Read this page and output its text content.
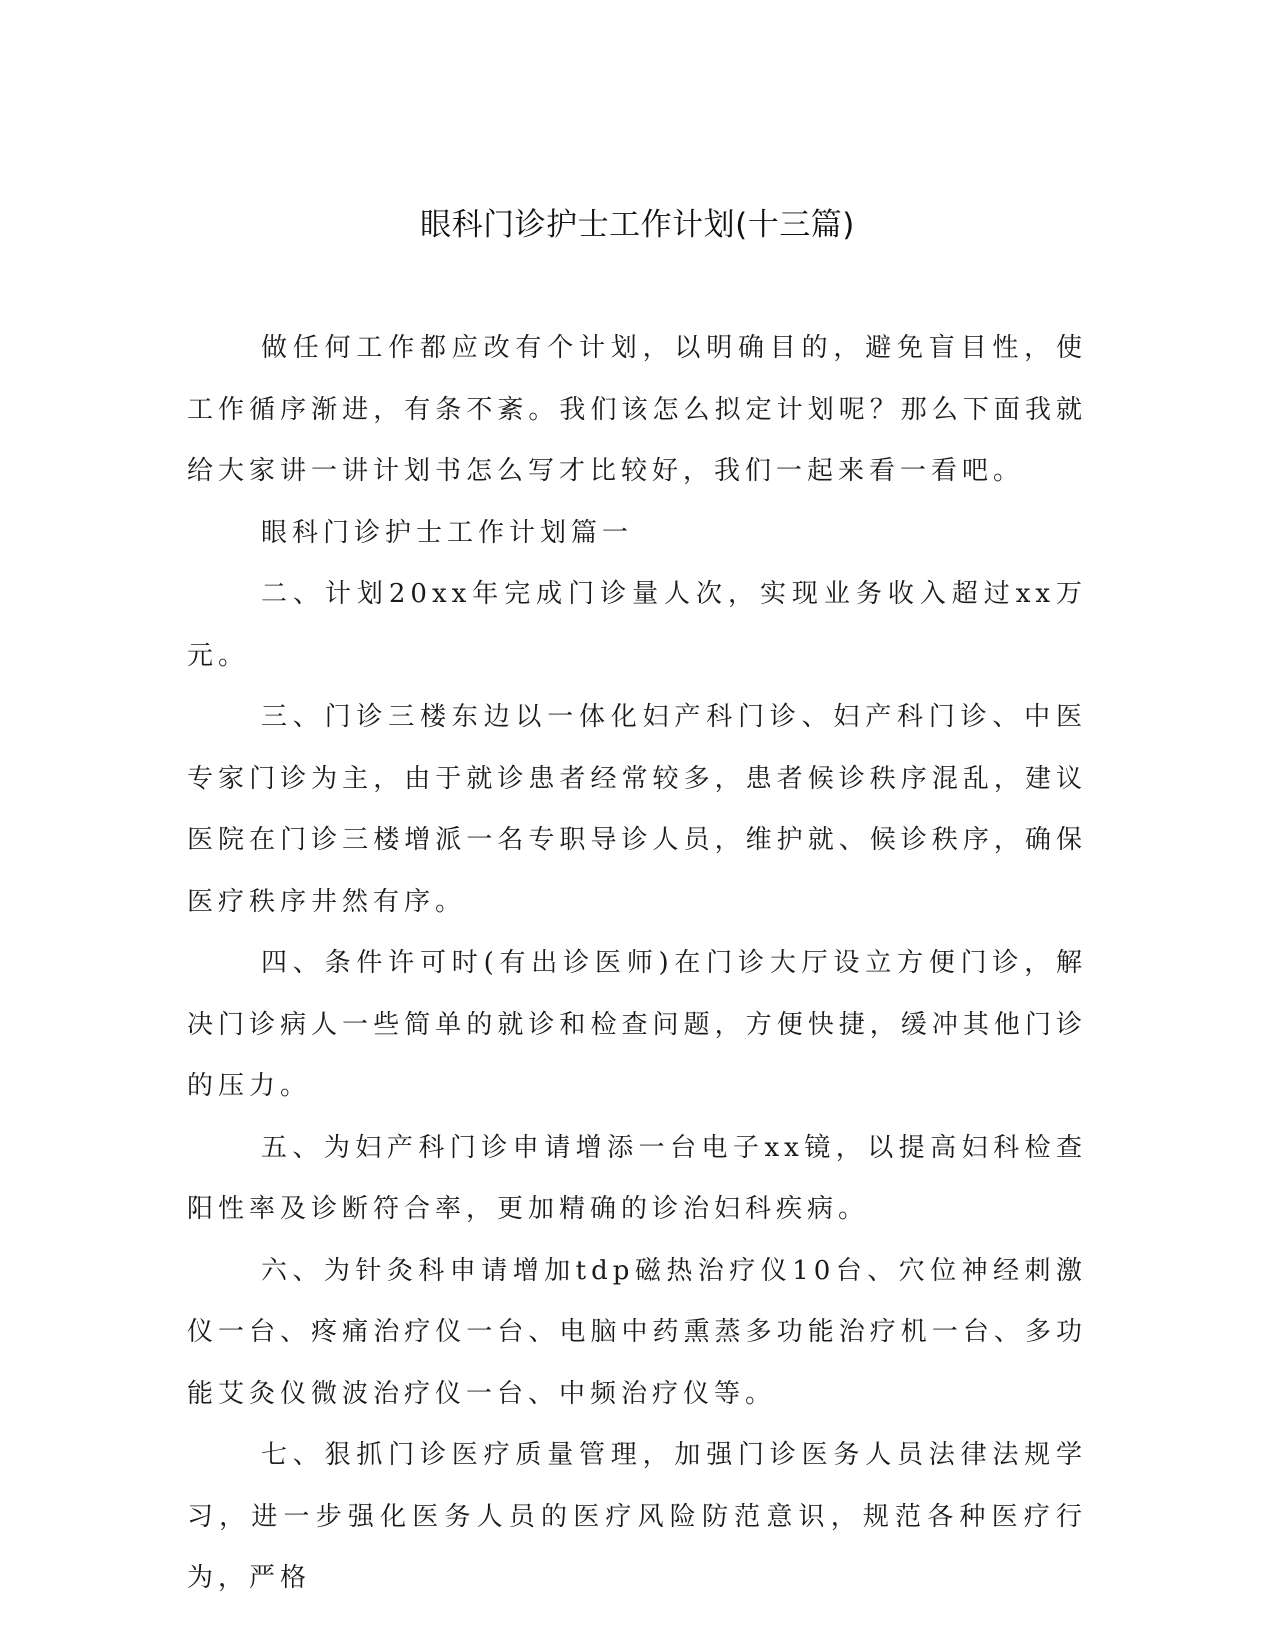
眼科门诊护士工作计划(十三篇)

做任何工作都应改有个计划，以明确目的，避免盲目性，使工作循序渐进，有条不紊。我们该怎么拟定计划呢？那么下面我就给大家讲一讲计划书怎么写才比较好，我们一起来看一看吧。

眼科门诊护士工作计划篇一

二、计划20xx年完成门诊量人次，实现业务收入超过xx万元。

三、门诊三楼东边以一体化妇产科门诊、妇产科门诊、中医专家门诊为主，由于就诊患者经常较多，患者候诊秩序混乱，建议医院在门诊三楼增派一名专职导诊人员，维护就、候诊秩序，确保医疗秩序井然有序。

四、条件许可时(有出诊医师)在门诊大厅设立方便门诊，解决门诊病人一些简单的就诊和检查问题，方便快捷，缓冲其他门诊的压力。

五、为妇产科门诊申请增添一台电子xx镜，以提高妇科检查阳性率及诊断符合率，更加精确的诊治妇科疾病。

六、为针灸科申请增加tdp磁热治疗仪10台、穴位神经刺激仪一台、疼痛治疗仪一台、电脑中药熏蒸多功能治疗机一台、多功能艾灸仪微波治疗仪一台、中频治疗仪等。

七、狠抓门诊医疗质量管理，加强门诊医务人员法律法规学习，进一步强化医务人员的医疗风险防范意识，规范各种医疗行为，严格
